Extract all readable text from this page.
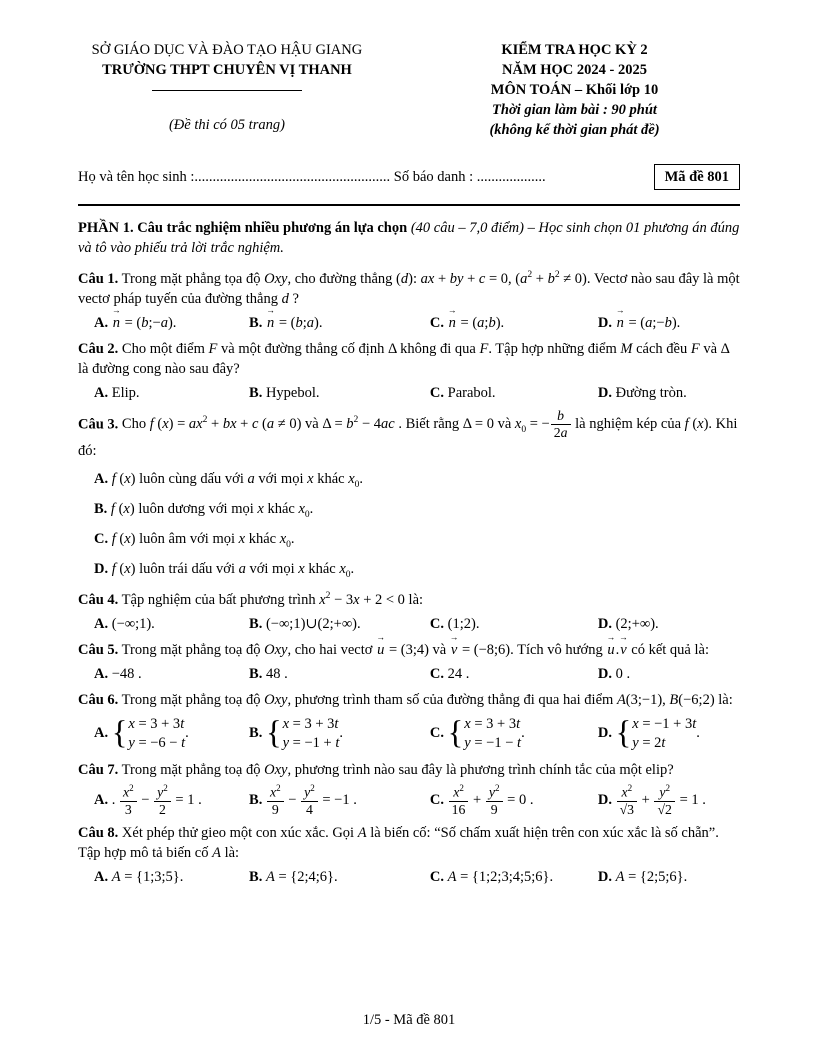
SỞ GIÁO DỤC VÀ ĐÀO TẠO HẬU GIANG
TRƯỜNG THPT CHUYÊN VỊ THANH
(Đề thi có 05 trang)
KIỂM TRA HỌC KỲ 2
NĂM HỌC 2024 - 2025
MÔN TOÁN – Khối lớp 10
Thời gian làm bài : 90 phút
(không kể thời gian phát đề)
Họ và tên học sinh :...................................................... Số báo danh : ...................	Mã đề 801
PHẦN 1. Câu trắc nghiệm nhiều phương án lựa chọn (40 câu – 7,0 điểm) – Học sinh chọn 01 phương án đúng và tô vào phiếu trả lời trắc nghiệm.
Câu 1. Trong mặt phẳng tọa độ Oxy, cho đường thẳng (d): ax + by + c = 0, $(a^2 + b^2 \ne 0)$. Vectơ nào sau đây là một vectơ pháp tuyến của đường thẳng d ?
A. → n = (b;−a).	B. → n = (b;a).	C. → n = (a;b).	D. → n = (a;−b).
Câu 2. Cho một điểm F và một đường thẳng cố định Δ không đi qua F. Tập hợp những điểm M cách đều F và Δ là đường cong nào sau đây?
A. Elip.	B. Hypebol.	C. Parabol.	D. Đường tròn.
Câu 3. Cho f $(x) = ax^2$ + bx + c (a ≠ 0) và $\Delta = b^2 - 4ac$ . Biết rằng Δ = 0 và $x_0$ = − $\frac{b}{2a}$ là nghiệm kép của f (x). Khi đó:
A. f (x) luôn cùng dấu với a với mọi x khác $x_0$.
B. f (x) luôn dương với mọi x khác $x_0$.
C. f (x) luôn âm với mọi x khác $x_0$.
D. f (x) luôn trái dấu với a với mọi x khác $x_0$.
Câu 4. Tập nghiệm của bất phương trình $x^2 - 3x + 2 < 0$ là:
A. (−∞;1).	B. (−∞;1)∪(2;+∞).	C. (1;2).	D. (2;+∞).
Câu 5. Trong mặt phẳng toạ độ Oxy, cho hai vectơ → u = (3;4) và → v = (−8;6). Tích vô hướng → u.→ v có kết quả là:
A. −48 .	B. 48 .	C. 24 .	D. 0 .
Câu 6. Trong mặt phẳng toạ độ Oxy, phương trình tham số của đường thẳng đi qua hai điểm A(3;−1), B(−6;2) là:
A. { x = 3 + 3t
y = −6 − t
.	B. { x = 3 + 3t
y = −1 + t
.	C. { x = 3 + 3t
y = −1 − t
.	D. { x = −1 + 3t
y = 2t
.
Câu 7. Trong mặt phẳng toạ độ Oxy, phương trình nào sau đây là phương trình chính tắc của một elip?
A. . $\frac{x^2}{3} - \frac{y^2}{2} = 1$ .	B. $\frac{x^2}{9} - \frac{y^2}{4} = -1$ .	C. $\frac{x^2}{16} + \frac{y^2}{9} = 0$ .	D. $\frac{x^2}{√3} + \frac{y^2}{√2} = 1$ .
Câu 8. Xét phép thử gieo một con xúc xắc. Gọi A là biến cố: “Số chấm xuất hiện trên con xúc xắc là số chẵn”. Tập hợp mô tả biến cố A là:
A. A = {1;3;5}.	B. A = {2;4;6}.	C. A = {1;2;3;4;5;6}.	D. A = {2;5;6}.
1/5 - Mã đề 801
